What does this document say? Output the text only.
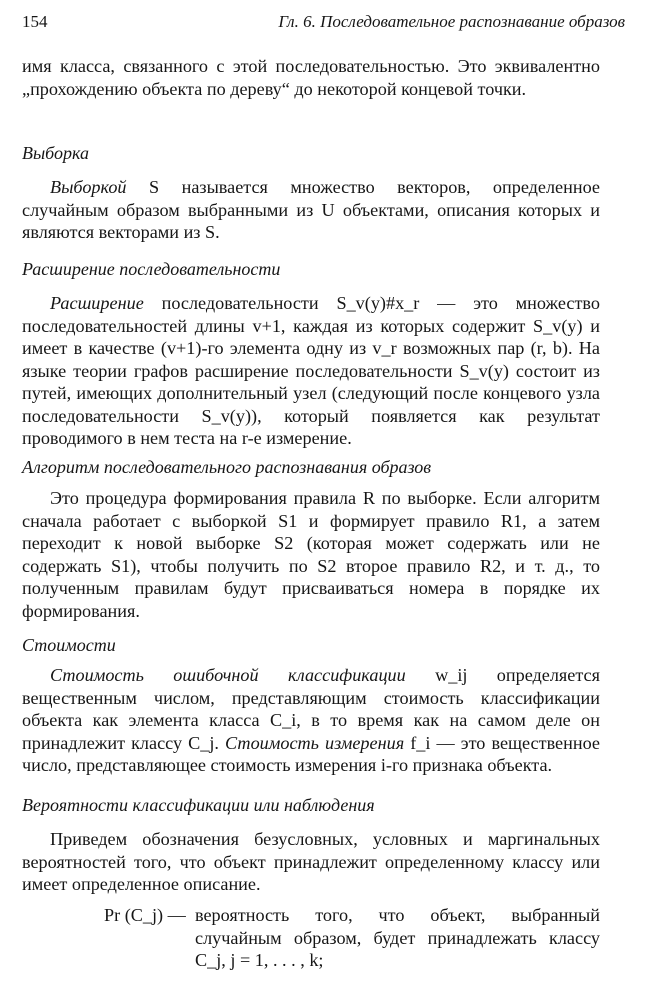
154	Гл. 6. Последовательное распознавание образов
имя класса, связанного с этой последовательностью. Это эквивалентно „прохождению объекта по дереву“ до некоторой концевой точки.
Выборка
Выборкой S называется множество векторов, определенное случайным образом выбранными из U объектами, описания которых и являются векторами из S.
Расширение последовательности
Расширение последовательности S_v(y)#x_r — это множество последовательностей длины v+1, каждая из которых содержит S_v(y) и имеет в качестве (v+1)-го элемента одну из v_r возможных пар (r, b). На языке теории графов расширение последовательности S_v(y) состоит из путей, имеющих дополнительный узел (следующий после концевого узла последовательности S_v(y)), который появляется как результат проводимого в нем теста на r-е измерение.
Алгоритм последовательного распознавания образов
Это процедура формирования правила R по выборке. Если алгоритм сначала работает с выборкой S1 и формирует правило R1, а затем переходит к новой выборке S2 (которая может содержать или не содержать S1), чтобы получить по S2 второе правило R2, и т. д., то полученным правилам будут присваиваться номера в порядке их формирования.
Стоимости
Стоимость ошибочной классификации w_ij определяется вещественным числом, представляющим стоимость классификации объекта как элемента класса C_i, в то время как на самом деле он принадлежит классу C_j. Стоимость измерения f_i — это вещественное число, представляющее стоимость измерения i-го признака объекта.
Вероятности классификации или наблюдения
Приведем обозначения безусловных, условных и маргинальных вероятностей того, что объект принадлежит определенному классу или имеет определенное описание.
Pr (C_j) — вероятность того, что объект, выбранный случайным образом, будет принадлежать классу C_j, j = 1, . . . , k;
